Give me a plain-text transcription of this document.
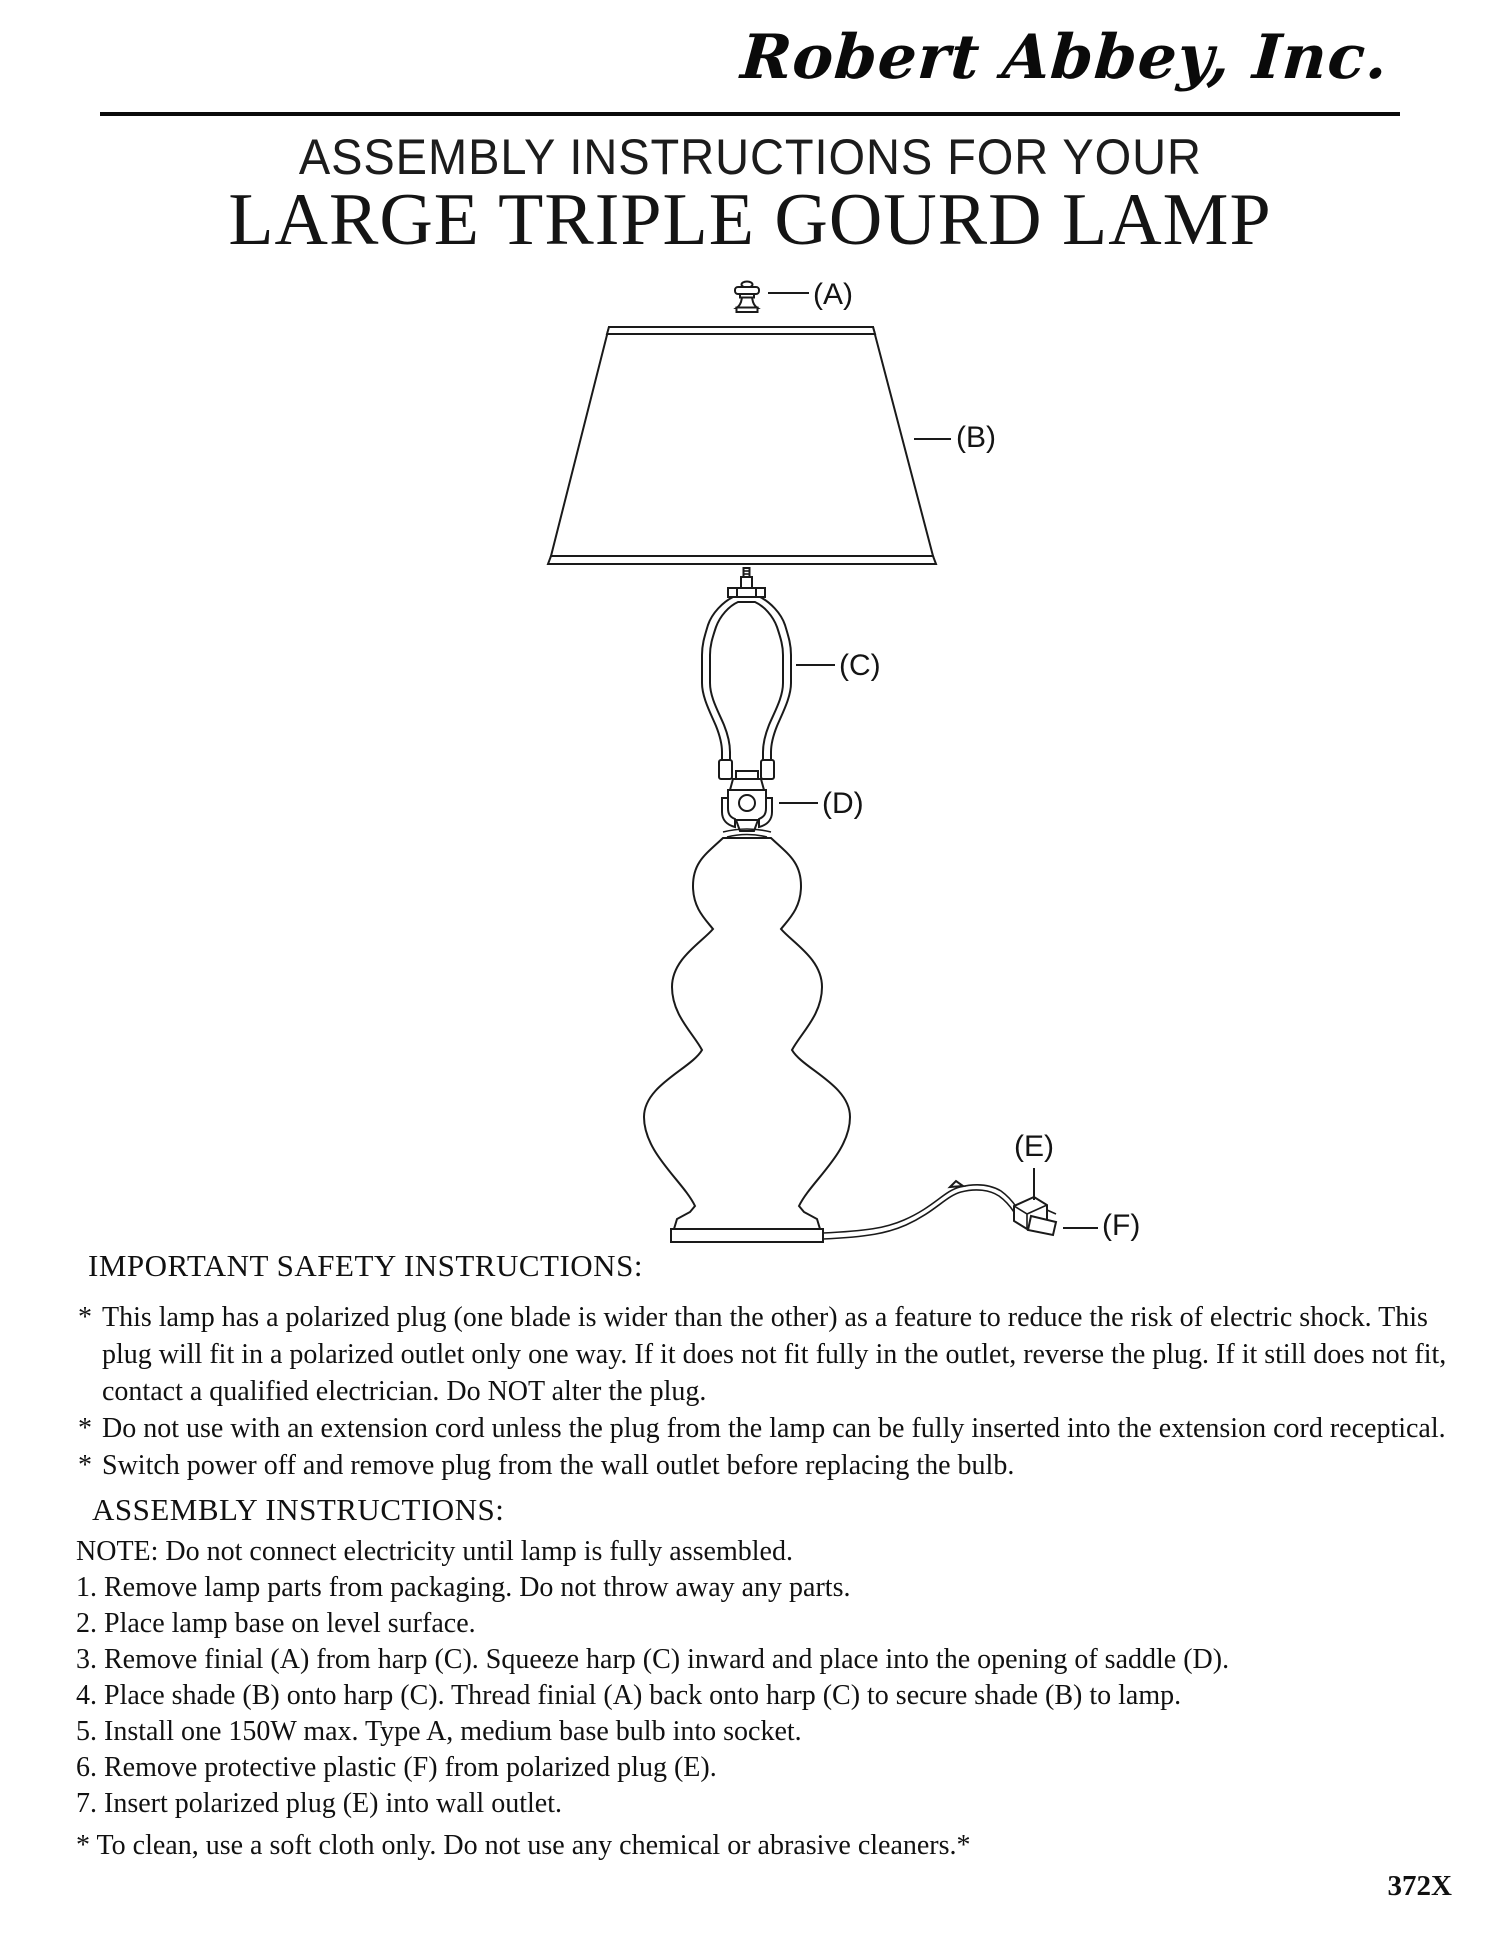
Robert Abbey, Inc.
ASSEMBLY INSTRUCTIONS FOR YOUR
LARGE TRIPLE GOURD LAMP
(A)
(B)
(C)
(D)
(E)
(F)
IMPORTANT SAFETY INSTRUCTIONS:
* This lamp has a polarized plug (one blade is wider than the other) as a feature to reduce the risk of electric shock. This plug will fit in a polarized outlet only one way. If it does not fit fully in the outlet, reverse the plug. If it still does not fit, contact a qualified electrician. Do NOT alter the plug.
* Do not use with an extension cord unless the plug from the lamp can be fully inserted into the extension cord receptical.
* Switch power off and remove plug from the wall outlet before replacing the bulb.
ASSEMBLY INSTRUCTIONS:
NOTE: Do not connect electricity until lamp is fully assembled.
1. Remove lamp parts from packaging. Do not throw away any parts.
2. Place lamp base on level surface.
3. Remove finial (A) from harp (C). Squeeze harp (C) inward and place into the opening of saddle (D).
4. Place shade (B) onto harp (C). Thread finial (A) back onto harp (C) to secure shade (B) to lamp.
5. Install one 150W max. Type A, medium base bulb into socket.
6. Remove protective plastic (F) from polarized plug (E).
7. Insert polarized plug (E) into wall outlet.
* To clean, use a soft cloth only. Do not use any chemical or abrasive cleaners.*
372X
